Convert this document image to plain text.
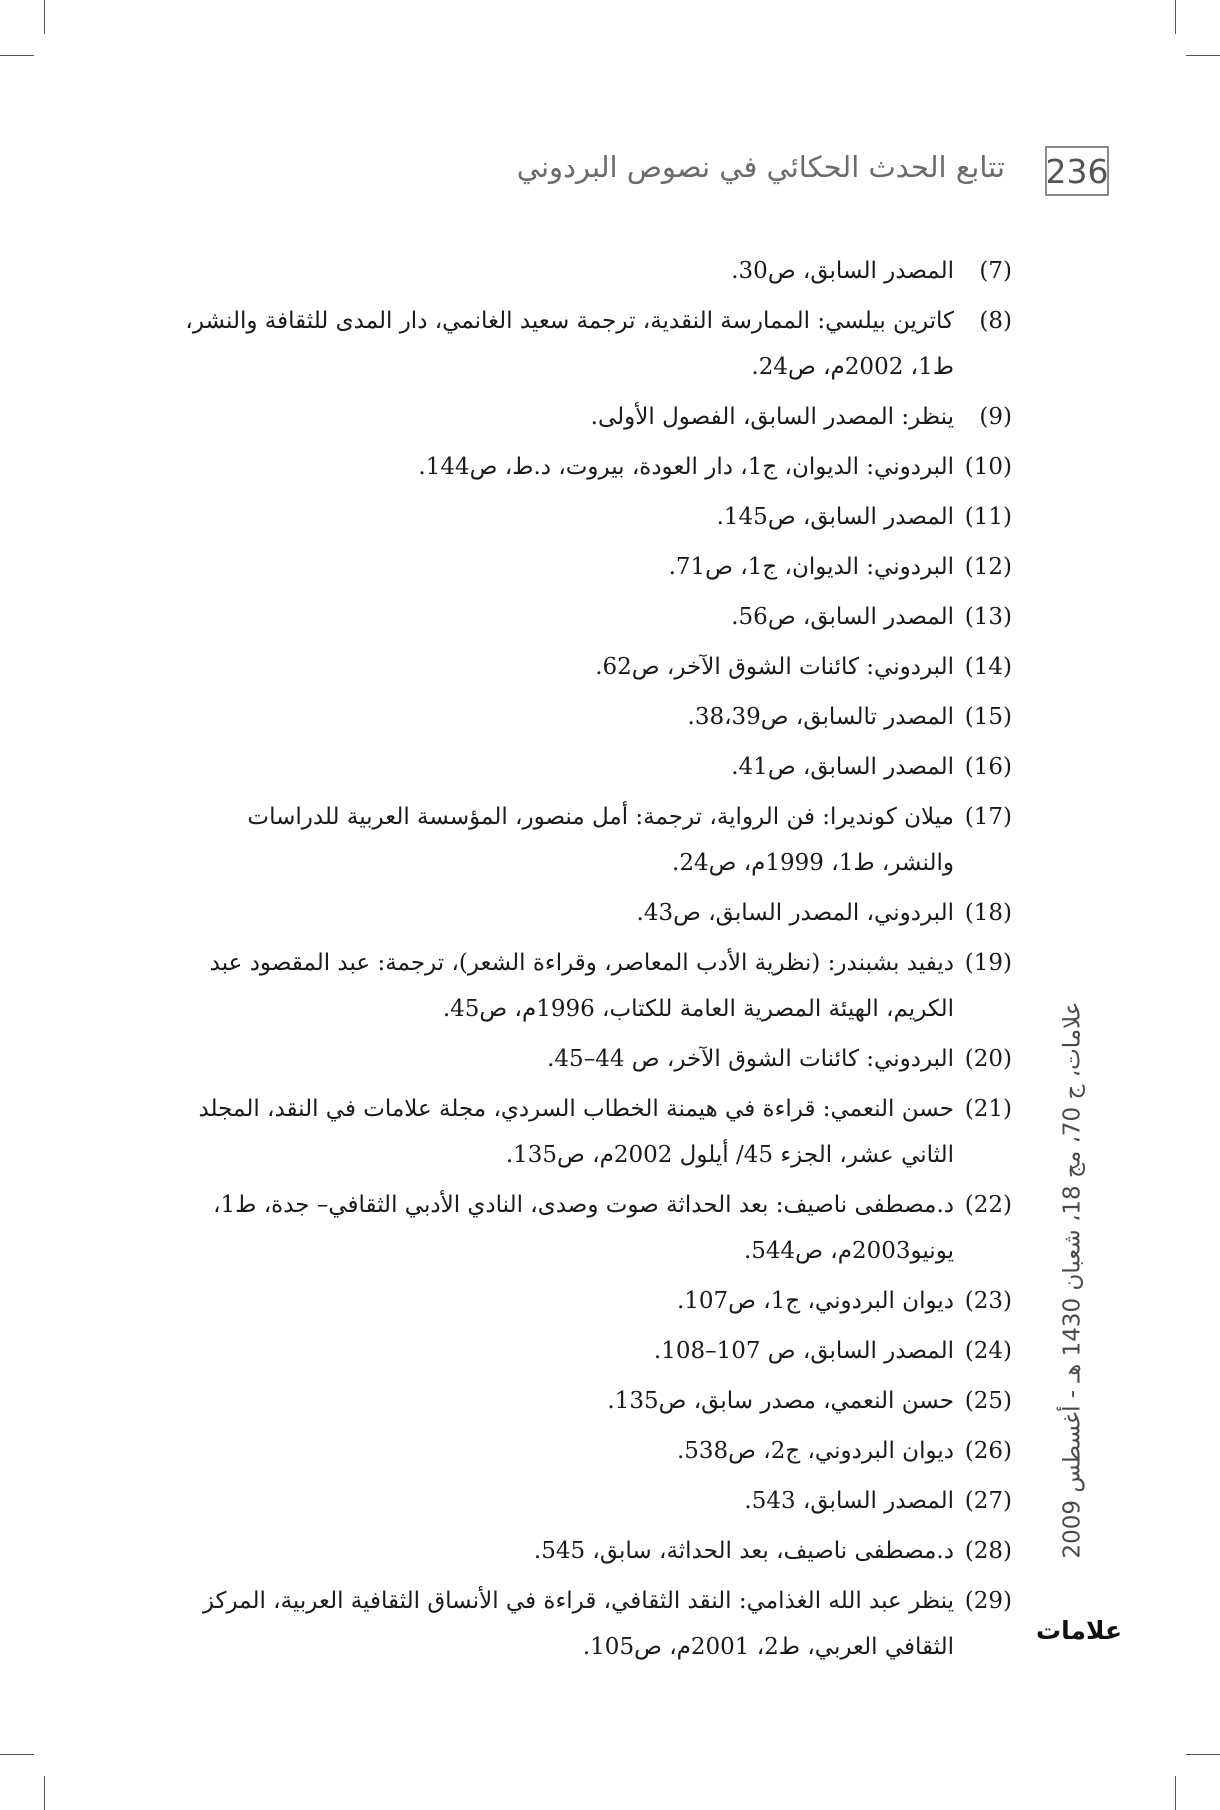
236
تتابع الحدث الحكائي في نصوص البردوني
(7)المصدر السابق، ص30.
(8)كاترين بيلسي: الممارسة النقدية، ترجمة سعيد الغانمي، دار المدى للثقافة والنشر، ط1، 2002م، ص24.
(9)ينظر: المصدر السابق، الفصول الأولى.
(10)البردوني: الديوان، ج1، دار العودة، بيروت، د.ط، ص144.
(11)المصدر السابق، ص145.
(12)البردوني: الديوان، ج1، ص71.
(13)المصدر السابق، ص56.
(14)البردوني: كائنات الشوق الآخر، ص62.
(15)المصدر تالسابق، ص38،39.
(16)المصدر السابق، ص41.
(17)ميلان كونديرا: فن الرواية، ترجمة: أمل منصور، المؤسسة العربية للدراسات والنشر، ط1، 1999م، ص24.
(18)البردوني، المصدر السابق، ص43.
(19)ديفيد بشبندر: (نظرية الأدب المعاصر، وقراءة الشعر)، ترجمة: عبد المقصود عبد الكريم، الهيئة المصرية العامة للكتاب، 1996م، ص45.
(20)البردوني: كائنات الشوق الآخر، ص 44–45.
(21)حسن النعمي: قراءة في هيمنة الخطاب السردي، مجلة علامات في النقد، المجلد الثاني عشر، الجزء 45/ أيلول 2002م، ص135.
(22)د.مصطفى ناصيف: بعد الحداثة صوت وصدى، النادي الأدبي الثقافي– جدة، ط1، يونيو2003م، ص544.
(23)ديوان البردوني، ج1، ص107.
(24)المصدر السابق، ص 107–108.
(25)حسن النعمي، مصدر سابق، ص135.
(26)ديوان البردوني، ج2، ص538.
(27)المصدر السابق، 543.
(28)د.مصطفى ناصيف، بعد الحداثة، سابق، 545.
(29)ينظر عبد الله الغذامي: النقد الثقافي، قراءة في الأنساق الثقافية العربية، المركز الثقافي العربي، ط2، 2001م، ص105.
علامات، ج 70، مج 18، شعبان 1430 هـ - أغسطس 2009
علامات
